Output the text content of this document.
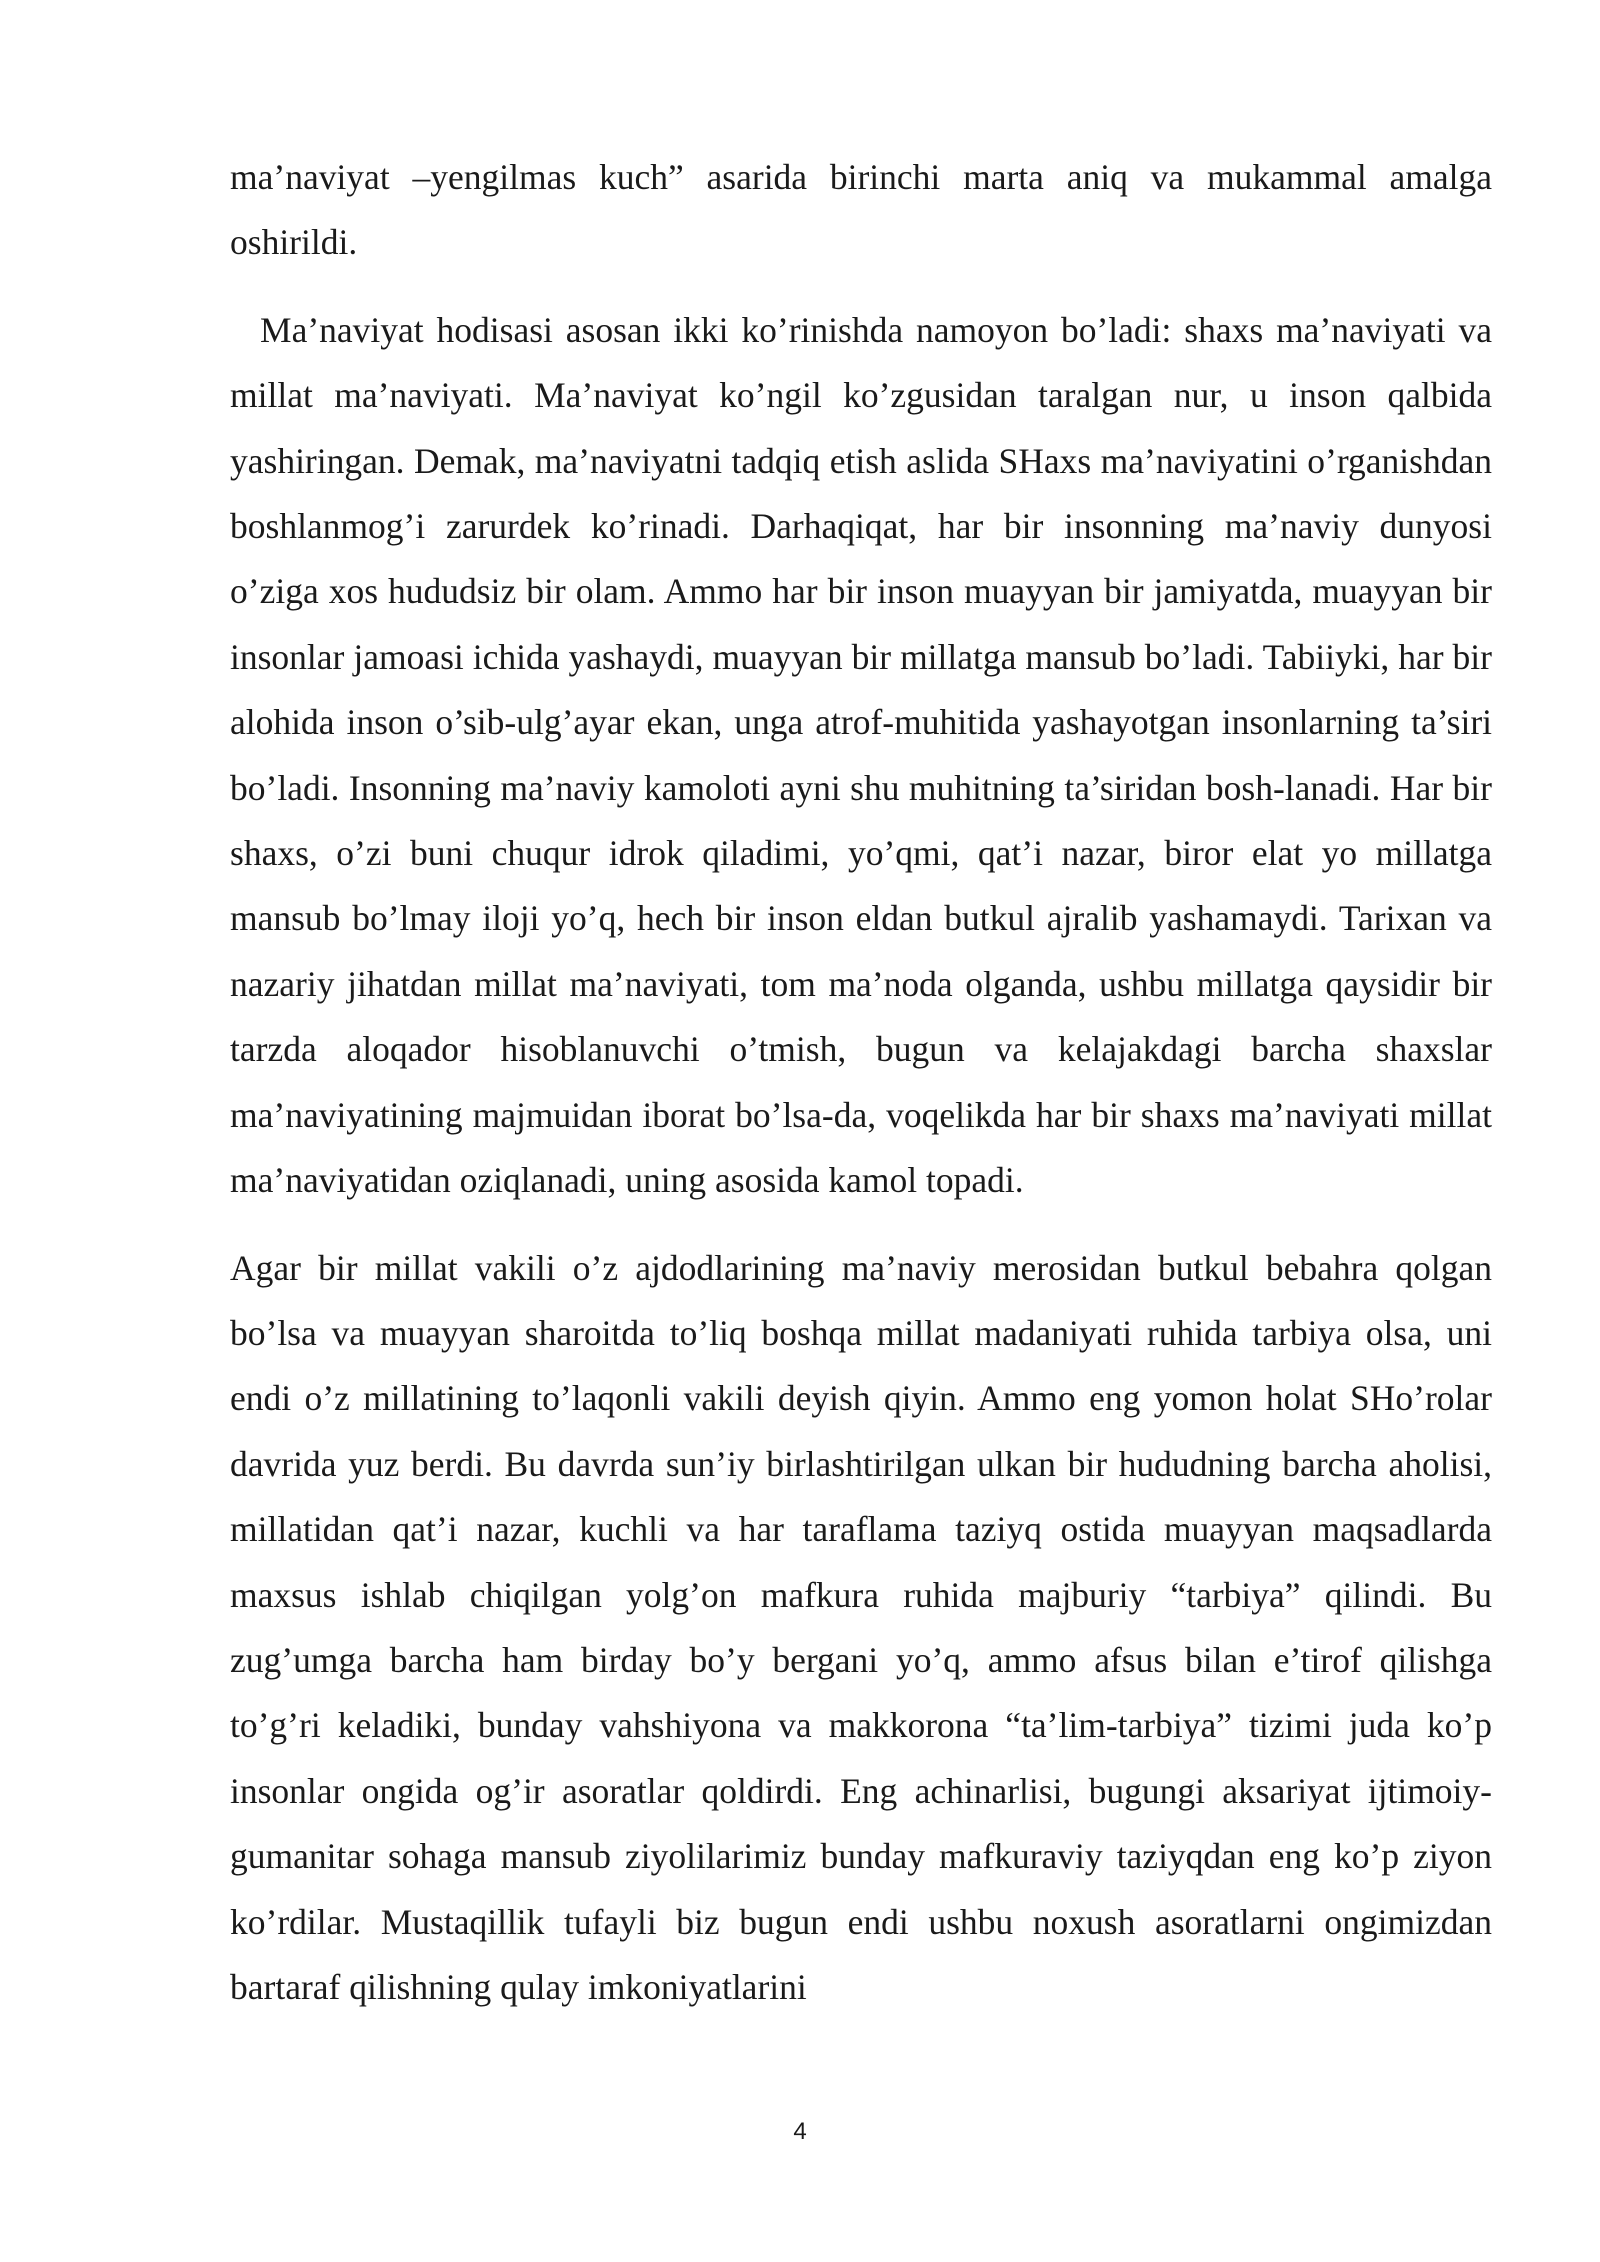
ma’naviyat –yengilmas kuch” asarida birinchi marta aniq va mukammal amalga oshirildi.

Ma’naviyat hodisasi asosan ikki ko’rinishda namoyon bo’ladi: shaxs ma’naviyati va millat ma’naviyati. Ma’naviyat ko’ngil ko’zgusidan taralgan nur, u inson qalbida yashiringan. Demak, ma’naviyatni tadqiq etish aslida SHaxs ma’naviyatini o’rganishdan boshlanmog’i zarurdek ko’rinadi. Darhaqiqat, har bir insonning ma’naviy dunyosi o’ziga xos hududsiz bir olam. Ammo har bir inson muayyan bir jamiyatda, muayyan bir insonlar jamoasi ichida yashaydi, muayyan bir millatga mansub bo’ladi. Tabiiyki, har bir alohida inson o’sib-ulg’ayar ekan, unga atrof-muhitida yashayotgan insonlarning ta’siri bo’ladi. Insonning ma’naviy kamoloti ayni shu muhitning ta’siridan bosh-lanadi. Har bir shaxs, o’zi buni chuqur idrok qiladimi, yo’qmi, qat’i nazar, biror elat yo millatga mansub bo’lmay iloji yo’q, hech bir inson eldan butkul ajralib yashamaydi. Tarixan va nazariy jihatdan millat ma’naviyati, tom ma’noda olganda, ushbu millatga qaysidir bir tarzda aloqador hisoblanuvchi o’tmish, bugun va kelajakdagi barcha shaxslar ma’naviyatining majmuidan iborat bo’lsa-da, voqelikda har bir shaxs ma’naviyati millat ma’naviyatidan oziqlanadi, uning asosida kamol topadi.

Agar bir millat vakili o’z ajdodlarining ma’naviy merosidan butkul bebahra qolgan bo’lsa va muayyan sharoitda to’liq boshqa millat madaniyati ruhida tarbiya olsa, uni endi o’z millatining to’laqonli vakili deyish qiyin. Ammo eng yomon holat SHo’rolar davrida yuz berdi. Bu davrda sun’iy birlashtirilgan ulkan bir hududning barcha aholisi, millatidan qat’i nazar, kuchli va har taraflama taziyq ostida muayyan maqsadlarda maxsus ishlab chiqilgan yolg’on mafkura ruhida majburiy “tarbiya” qilindi. Bu zug’umga barcha ham birday bo’y bergani yo’q, ammo afsus bilan e’tirof qilishga to’g’ri keladiki, bunday vahshiyona va makkorona “ta’lim-tarbiya” tizimi juda ko’p insonlar ongida og’ir asoratlar qoldirdi. Eng achinarlisi, bugungi aksariyat ijtimoiy-gumanitar sohaga mansub ziyolilarimiz bunday mafkuraviy taziyqdan eng ko’p ziyon ko’rdilar. Mustaqillik tufayli biz bugun endi ushbu noxush asoratlarni ongimizdan bartaraf qilishning qulay imkoniyatlarini

4
